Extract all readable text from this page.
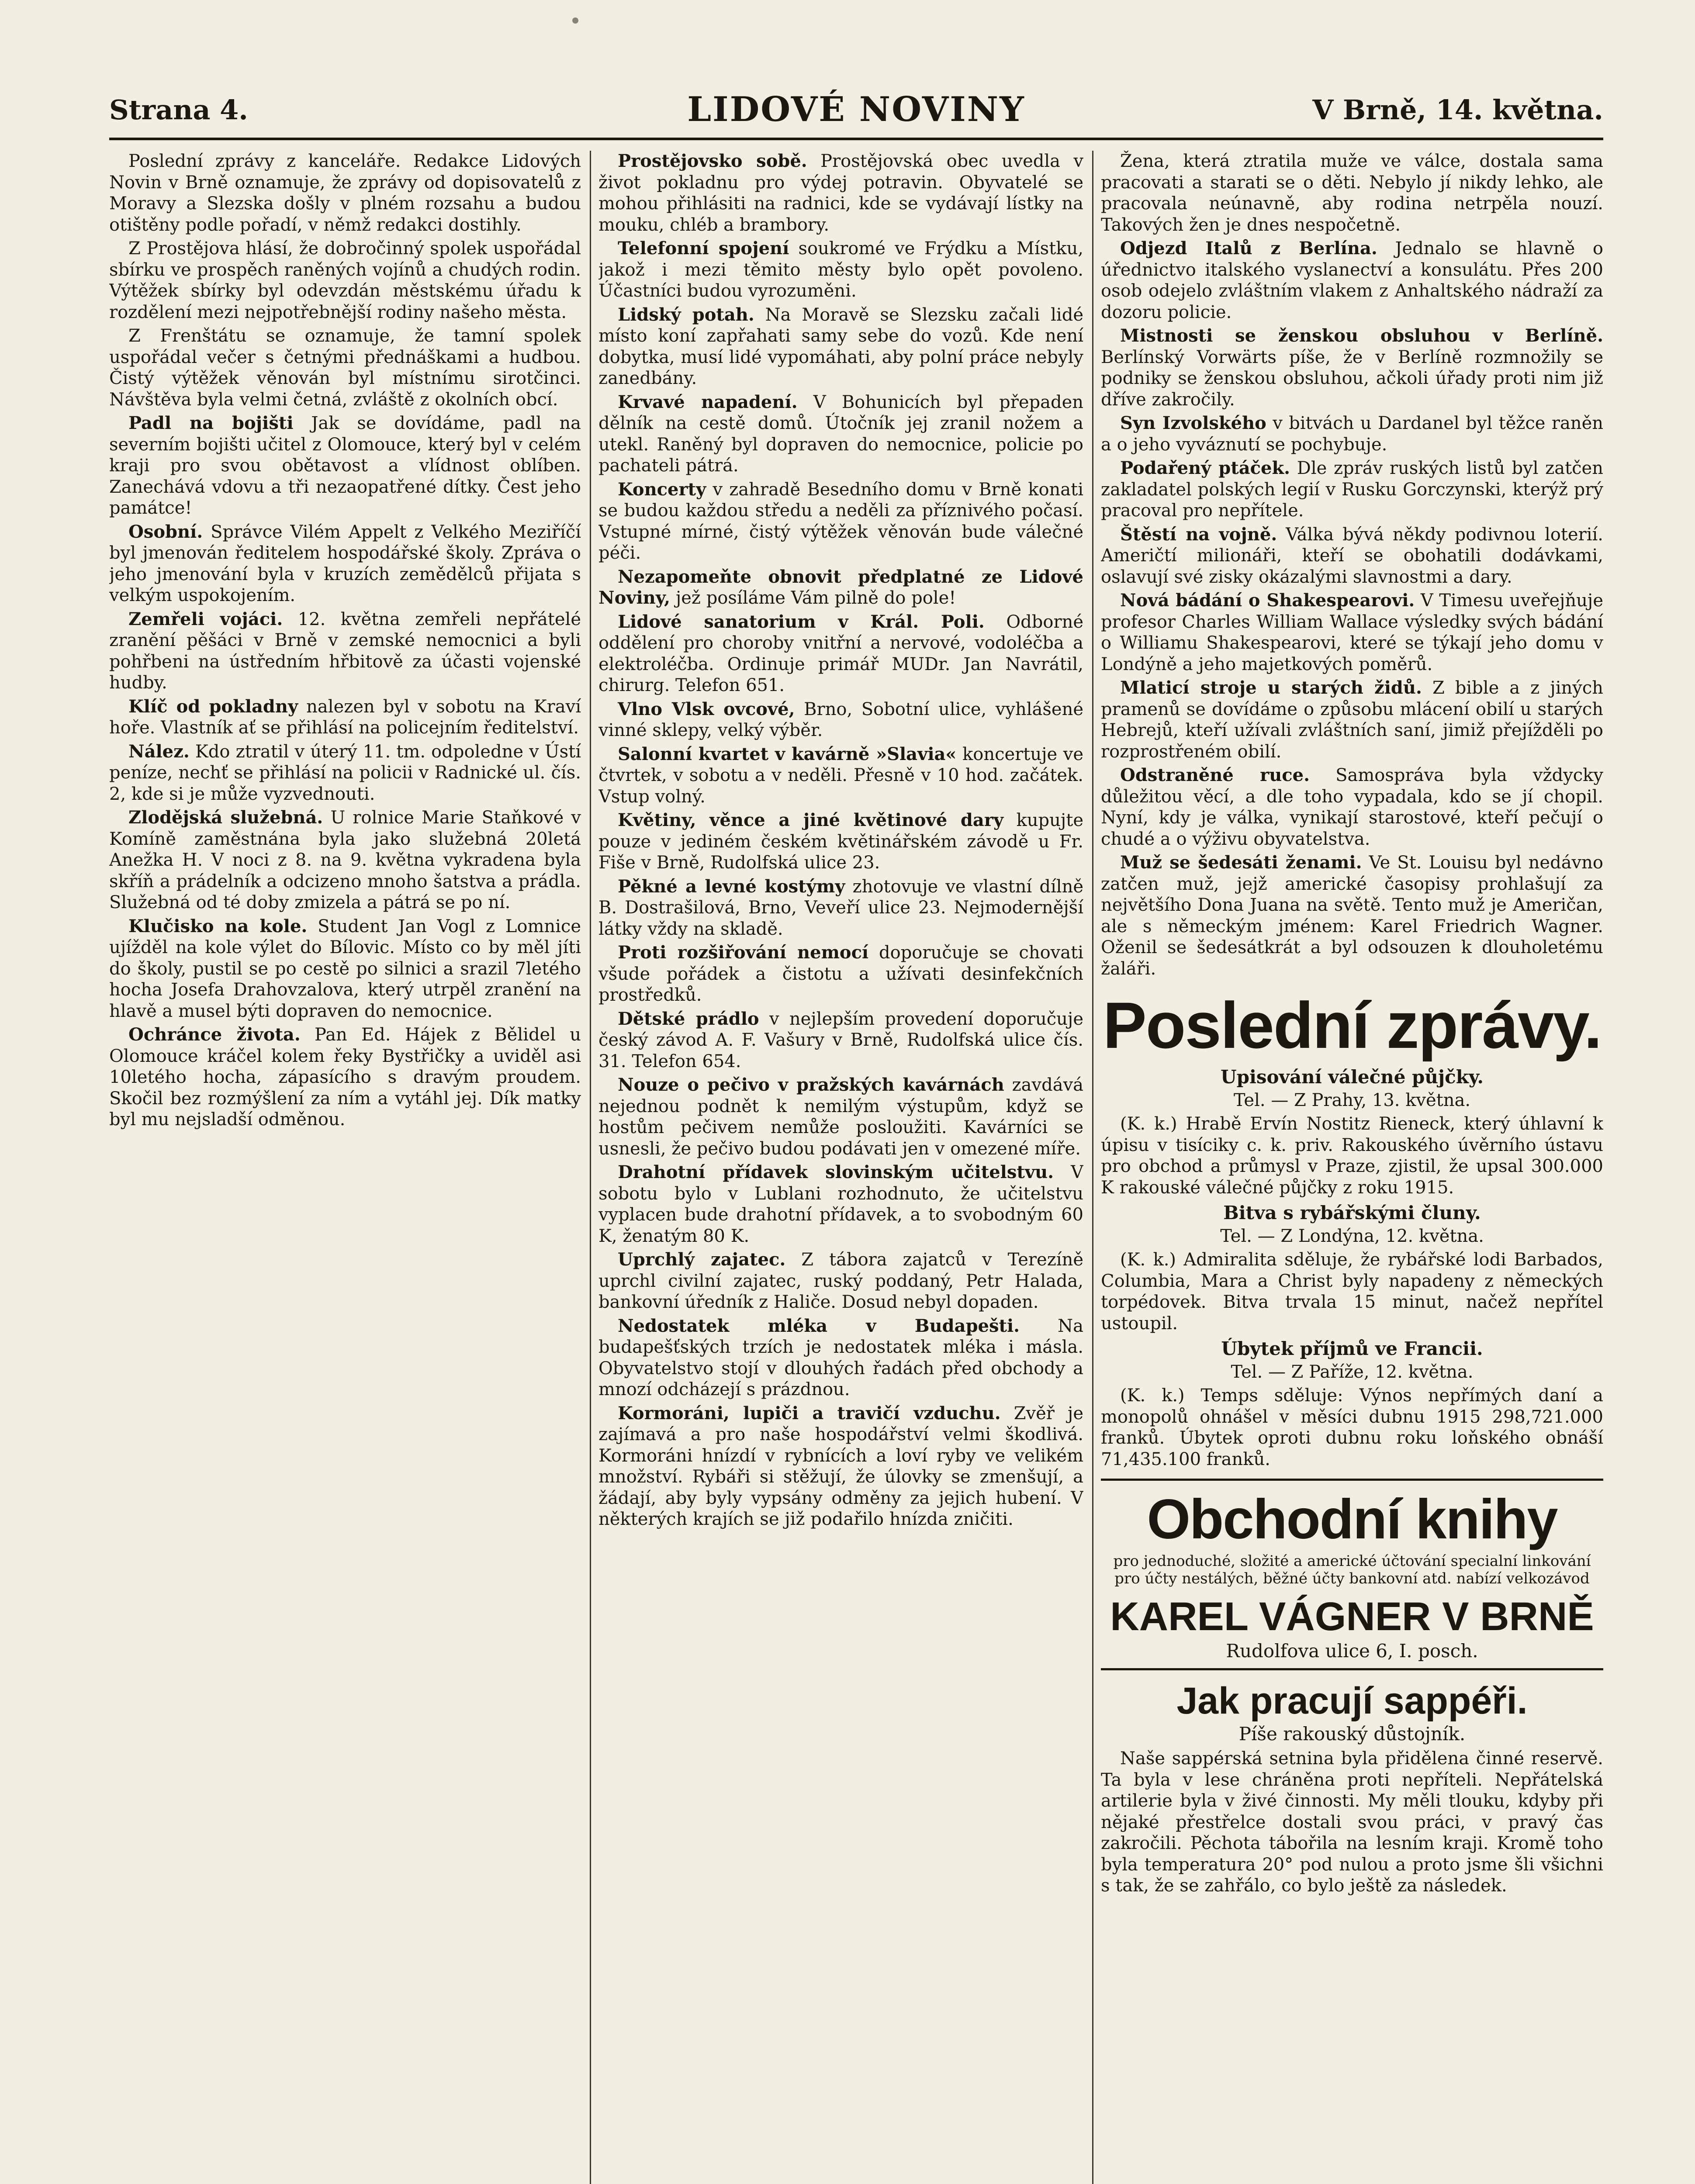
Strana 4.	LIDOVÉ NOVINY	V Brně, 14. května.

Poslední zprávy z kanceláře. Redakce Lidových Novin v Brně oznamuje, že zprávy od dopisovatelů z Moravy a Slezska došly v plném rozsahu a budou otištěny podle pořadí, v němž redakci dostihly.

Z Prostějova hlásí, že dobročinný spolek uspořádal sbírku ve prospěch raněných vojínů a chudých rodin. Výtěžek sbírky byl odevzdán městskému úřadu k rozdělení mezi nejpotřebnější rodiny našeho města.

Z Frenštátu se oznamuje, že tamní spolek uspořádal večer s četnými přednáškami a hudbou. Čistý výtěžek věnován byl místnímu sirotčinci. Návštěva byla velmi četná, zvláště z okolních obcí.

Padl na bojišti Jak se dovídáme, padl na severním bojišti učitel z Olomouce, který byl v celém kraji pro svou obětavost a vlídnost oblíben. Zanechává vdovu a tři nezaopatřené dítky. Čest jeho památce!

Osobní. Správce Vilém Appelt z Velkého Meziříčí byl jmenován ředitelem hospodářské školy. Zpráva o jeho jmenování byla v kruzích zemědělců přijata s velkým uspokojením.

Zemřeli vojáci. 12. května zemřeli nepřátelé zranění pěšáci v Brně v zemské nemocnici a byli pohřbeni na ústředním hřbitově za účasti vojenské hudby.

Klíč od pokladny nalezen byl v sobotu na Kraví hoře. Vlastník ať se přihlásí na policejním ředitelství.

Nález. Kdo ztratil v úterý 11. tm. odpoledne v Ústí peníze, nechť se přihlásí na policii v Radnické ul. čís. 2, kde si je může vyzvednouti.

Zlodějská služebná. U rolnice Marie Staňkové v Komíně zaměstnána byla jako služebná 20letá Anežka H. V noci z 8. na 9. května vykradena byla skříň a prádelník a odcizeno mnoho šatstva a prádla. Služebná od té doby zmizela a pátrá se po ní.

Klučisko na kole. Student Jan Vogl z Lomnice ujížděl na kole výlet do Bílovic. Místo co by měl jíti do školy, pustil se po cestě po silnici a srazil 7letého hocha Josefa Drahovzalova, který utrpěl zranění na hlavě a musel býti dopraven do nemocnice.

Ochránce života. Pan Ed. Hájek z Bělidel u Olomouce kráčel kolem řeky Bystřičky a uviděl asi 10letého hocha, zápasícího s dravým proudem. Skočil bez rozmýšlení za ním a vytáhl jej. Dík matky byl mu nejsladší odměnou.

Prostějovsko sobě. Prostějovská obec uvedla v život pokladnu pro výdej potravin. Obyvatelé se mohou přihlásiti na radnici, kde se vydávají lístky na mouku, chléb a brambory.

Telefonní spojení soukromé ve Frýdku a Místku, jakož i mezi těmito městy bylo opět povoleno. Účastníci budou vyrozuměni.

Lidský potah. Na Moravě se Slezsku začali lidé místo koní zapřahati samy sebe do vozů. Kde není dobytka, musí lidé vypomáhati, aby polní práce nebyly zanedbány.

Krvavé napadení. V Bohunicích byl přepaden dělník na cestě domů. Útočník jej zranil nožem a utekl. Raněný byl dopraven do nemocnice, policie po pachateli pátrá.

Koncerty v zahradě Besedního domu v Brně konati se budou každou středu a neděli za příznivého počasí. Vstupné mírné, čistý výtěžek věnován bude válečné péči.

Nezapomeňte obnovit předplatné ze Lidové Noviny, jež posíláme Vám pilně do pole!

Lidové sanatorium v Král. Poli. Odborné oddělení pro choroby vnitřní a nervové, vodoléčba a elektroléčba. Ordinuje primář MUDr. Jan Navrátil, chirurg. Telefon 651.

Vlno Vlsk ovcové, Brno, Sobotní ulice, vyhlášené vinné sklepy, velký výběr.

Salonní kvartet v kavárně »Slavia« koncertuje ve čtvrtek, v sobotu a v neděli. Přesně v 10 hod. začátek. Vstup volný.

Květiny, věnce a jiné květinové dary kupujte pouze v jediném českém květinářském závodě u Fr. Fiše v Brně, Rudolfská ulice 23.

Pěkné a levné kostýmy zhotovuje ve vlastní dílně B. Dostrašilová, Brno, Veveří ulice 23. Nejmodernější látky vždy na skladě.

Proti rozšiřování nemocí doporučuje se chovati všude pořádek a čistotu a užívati desinfekčních prostředků.

Dětské prádlo v nejlepším provedení doporučuje český závod A. F. Vašury v Brně, Rudolfská ulice čís. 31. Telefon 654.

Nouze o pečivo v pražských kavárnách zavdává nejednou podnět k nemilým výstupům, když se hostům pečivem nemůže posloužiti. Kavárníci se usnesli, že pečivo budou podávati jen v omezené míře.

Drahotní přídavek slovinským učitelstvu. V sobotu bylo v Lublani rozhodnuto, že učitelstvu vyplacen bude drahotní přídavek, a to svobodným 60 K, ženatým 80 K.

Uprchlý zajatec. Z tábora zajatců v Terezíně uprchl civilní zajatec, ruský poddaný, Petr Halada, bankovní úředník z Haliče. Dosud nebyl dopaden.

Nedostatek mléka v Budapešti. Na budapešťských trzích je nedostatek mléka i másla. Obyvatelstvo stojí v dlouhých řadách před obchody a mnozí odcházejí s prázdnou.

Kormoráni, lupiči a travičí vzduchu. Zvěř je zajímavá a pro naše hospodářství velmi škodlivá. Kormoráni hnízdí v rybnících a loví ryby ve velikém množství. Rybáři si stěžují, že úlovky se zmenšují, a žádají, aby byly vypsány odměny za jejich hubení. V některých krajích se již podařilo hnízda zničiti.

Žena, která ztratila muže ve válce, dostala sama pracovati a starati se o děti. Nebylo jí nikdy lehko, ale pracovala neúnavně, aby rodina netrpěla nouzí. Takových žen je dnes nespočetně.

Odjezd Italů z Berlína. Jednalo se hlavně o úřednictvo italského vyslanectví a konsulátu. Přes 200 osob odejelo zvláštním vlakem z Anhaltského nádraží za dozoru policie.

Mistnosti se ženskou obsluhou v Berlíně. Berlínský Vorwärts píše, že v Berlíně rozmnožily se podniky se ženskou obsluhou, ačkoli úřady proti nim již dříve zakročily.

Syn Izvolského v bitvách u Dardanel byl těžce raněn a o jeho vyváznutí se pochybuje.

Podařený ptáček. Dle zpráv ruských listů byl zatčen zakladatel polských legií v Rusku Gorczynski, kterýž prý pracoval pro nepřítele.

Štěstí na vojně. Válka bývá někdy podivnou loterií. Američtí milionáři, kteří se obohatili dodávkami, oslavují své zisky okázalými slavnostmi a dary.

Nová bádání o Shakespearovi. V Timesu uveřejňuje profesor Charles William Wallace výsledky svých bádání o Williamu Shakespearovi, které se týkají jeho domu v Londýně a jeho majetkových poměrů.

Mlaticí stroje u starých židů. Z bible a z jiných pramenů se dovídáme o způsobu mlácení obilí u starých Hebrejů, kteří užívali zvláštních saní, jimiž přejížděli po rozprostřeném obilí.

Odstraněné ruce. Samospráva byla vždycky důležitou věcí, a dle toho vypadala, kdo se jí chopil. Nyní, kdy je válka, vynikají starostové, kteří pečují o chudé a o výživu obyvatelstva.

Muž se šedesáti ženami. Ve St. Louisu byl nedávno zatčen muž, jejž americké časopisy prohlašují za největšího Dona Juana na světě. Tento muž je Američan, ale s německým jménem: Karel Friedrich Wagner. Oženil se šedesátkrát a byl odsouzen k dlouholetému žaláři.

Poslední zprávy.
Upisování válečné půjčky.
Tel. — Z Prahy, 13. května.

(K. k.) Hrabě Ervín Nostitz Rieneck, který úhlavní k úpisu v tisíciky c. k. priv. Rakouského úvěrního ústavu pro obchod a průmysl v Praze, zjistil, že upsal 300.000 K rakouské válečné půjčky z roku 1915.

Bitva s rybářskými čluny.
Tel. — Z Londýna, 12. května.

(K. k.) Admiralita sděluje, že rybářské lodi Barbados, Columbia, Mara a Christ byly napadeny z německých torpédovek. Bitva trvala 15 minut, načež nepřítel ustoupil.

Úbytek příjmů ve Francii.
Tel. — Z Paříže, 12. května.

(K. k.) Temps sděluje: Výnos nepřímých daní a monopolů ohnášel v měsíci dubnu 1915 298,721.000 franků. Úbytek oproti dubnu roku loňského obnáší 71,435.100 franků.

Obchodní knihy
pro jednoduché, složité a americké účtování specialní linkování pro účty nestálých, běžné účty bankovní atd. nabízí velkozávod
KAREL VÁGNER V BRNĚ
Rudolfova ulice 6, I. posch.
Jak pracují sappéři.
Píše rakouský důstojník.

Naše sappérská setnina byla přidělena činné reservě. Ta byla v lese chráněna proti nepříteli. Nepřátelská artilerie byla v živé činnosti. My měli tlouku, kdyby při nějaké přestřelce dostali svou práci, v pravý čas zakročili. Pěchota tábořila na lesním kraji. Kromě toho byla temperatura 20° pod nulou a proto jsme šli všichni s tak, že se zahřálo, co bylo ještě za následek.
